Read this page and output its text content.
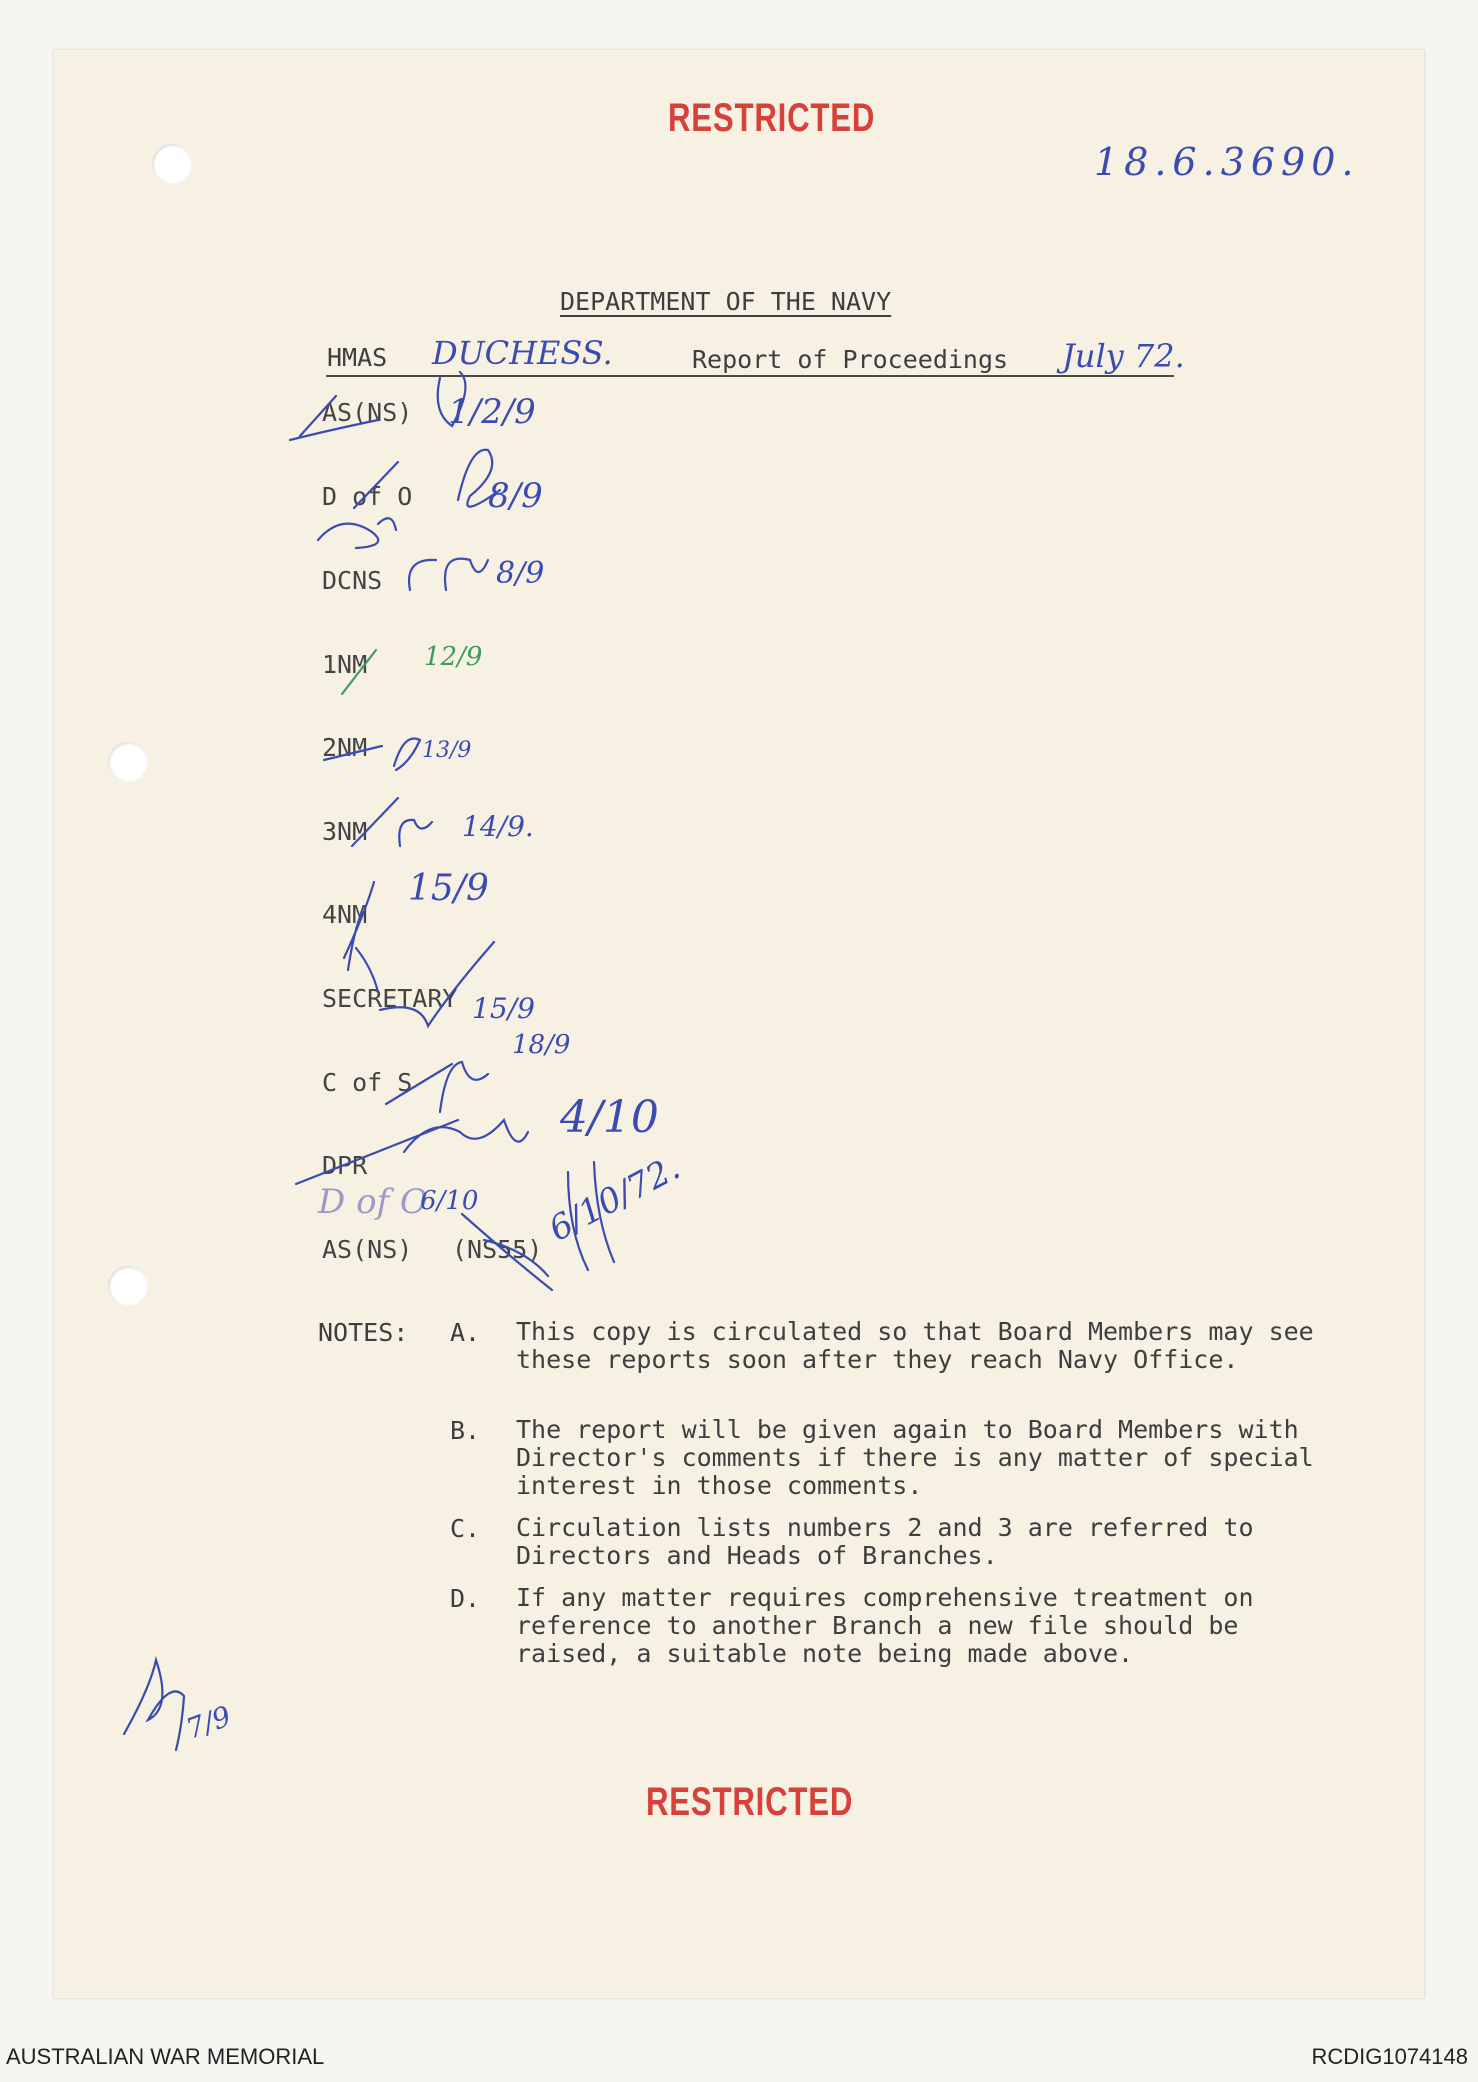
RESTRICTED
18.6.3690.
DEPARTMENT OF THE NAVY
HMAS DUCHESS.	Report of Proceedings July 72.
AS(NS)
D of O
DCNS
1NM
2NM
3NM
4NM
SECRETARY
C of S
DPR
AS(NS) (NS55)
1/2/9
8/9
8/9
12/9
13/9
14/9.
15/9
15/9
18/9
4/10
D of O
6/10 6/10/72.
7/9
NOTES: A. This copy is circulated so that Board Members may see these reports soon after they reach Navy Office.
B. The report will be given again to Board Members with Director's comments if there is any matter of special interest in those comments.
C. Circulation lists numbers 2 and 3 are referred to Directors and Heads of Branches.
D. If any matter requires comprehensive treatment on reference to another Branch a new file should be raised, a suitable note being made above.
RESTRICTED
AUSTRALIAN WAR MEMORIAL	RCDIG1074148
